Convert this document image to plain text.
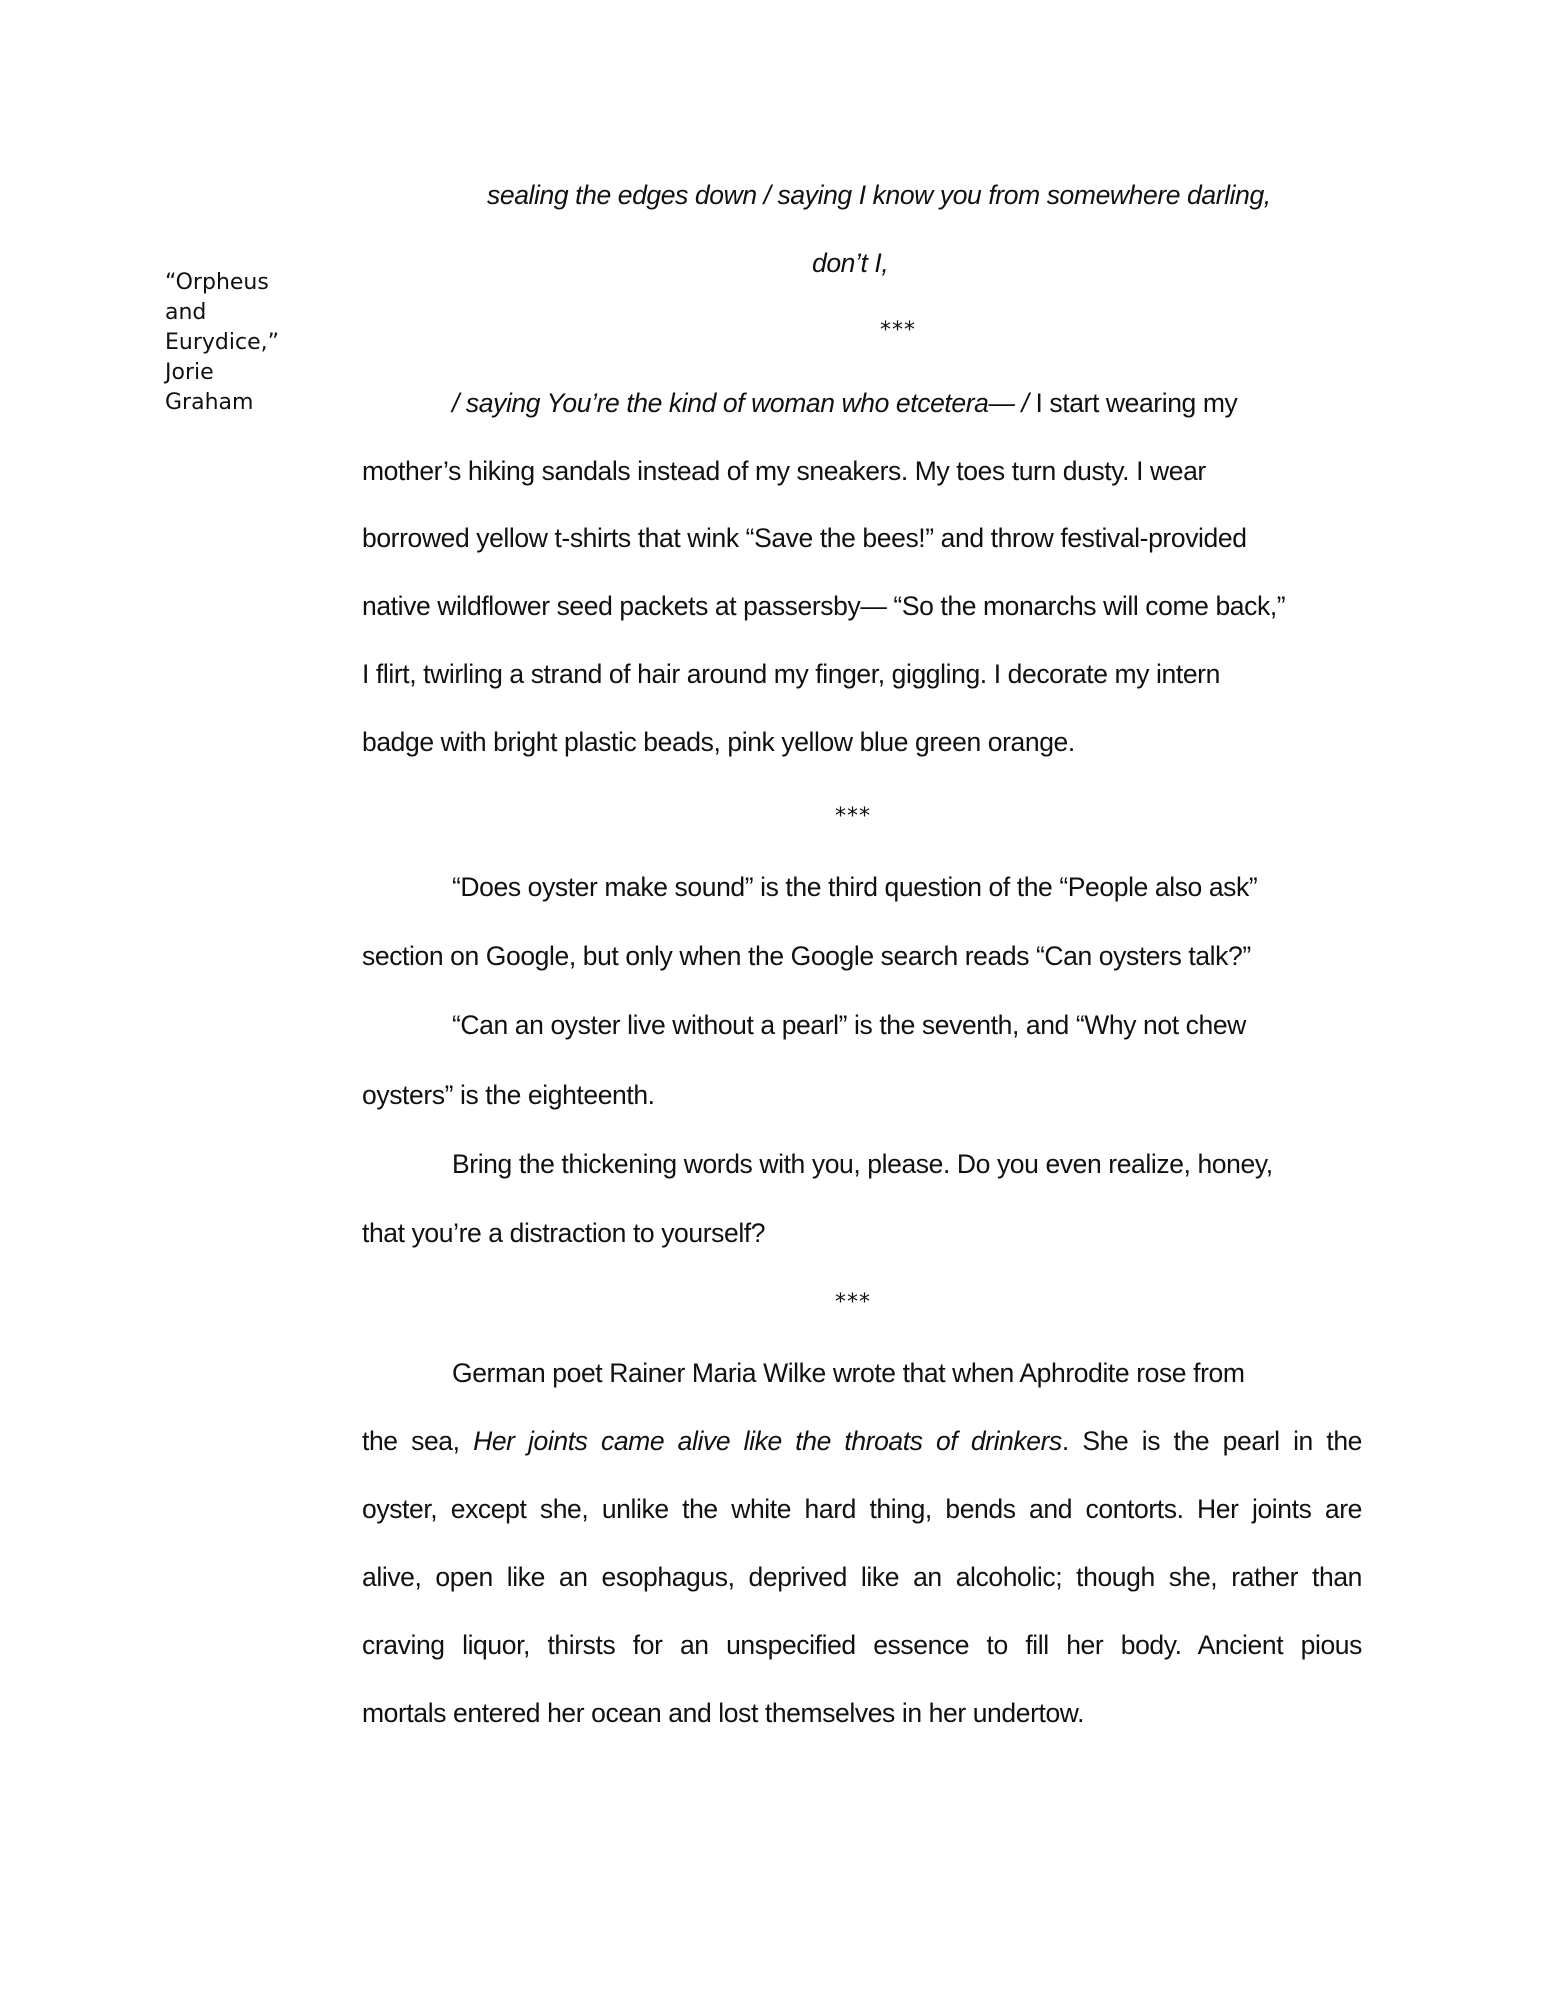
“Orpheus
and
Eurydice,”
Jorie
Graham
sealing the edges down / saying I know you from somewhere darling,
don’t I,
***
/ saying You’re the kind of woman who etcetera— / I start wearing my
mother’s hiking sandals instead of my sneakers. My toes turn dusty. I wear
borrowed yellow t-shirts that wink “Save the bees!” and throw festival-provided
native wildflower seed packets at passersby— “So the monarchs will come back,”
I flirt, twirling a strand of hair around my finger, giggling. I decorate my intern
badge with bright plastic beads, pink yellow blue green orange.
***
“Does oyster make sound” is the third question of the “People also ask”
section on Google, but only when the Google search reads “Can oysters talk?”
“Can an oyster live without a pearl” is the seventh, and “Why not chew
oysters” is the eighteenth.
Bring the thickening words with you, please. Do you even realize, honey,
that you’re a distraction to yourself?
***
German poet Rainer Maria Wilke wrote that when Aphrodite rose from
the sea, Her joints came alive like the throats of drinkers. She is the pearl in the
oyster, except she, unlike the white hard thing, bends and contorts. Her joints are
alive, open like an esophagus, deprived like an alcoholic; though she, rather than
craving liquor, thirsts for an unspecified essence to fill her body. Ancient pious
mortals entered her ocean and lost themselves in her undertow.
